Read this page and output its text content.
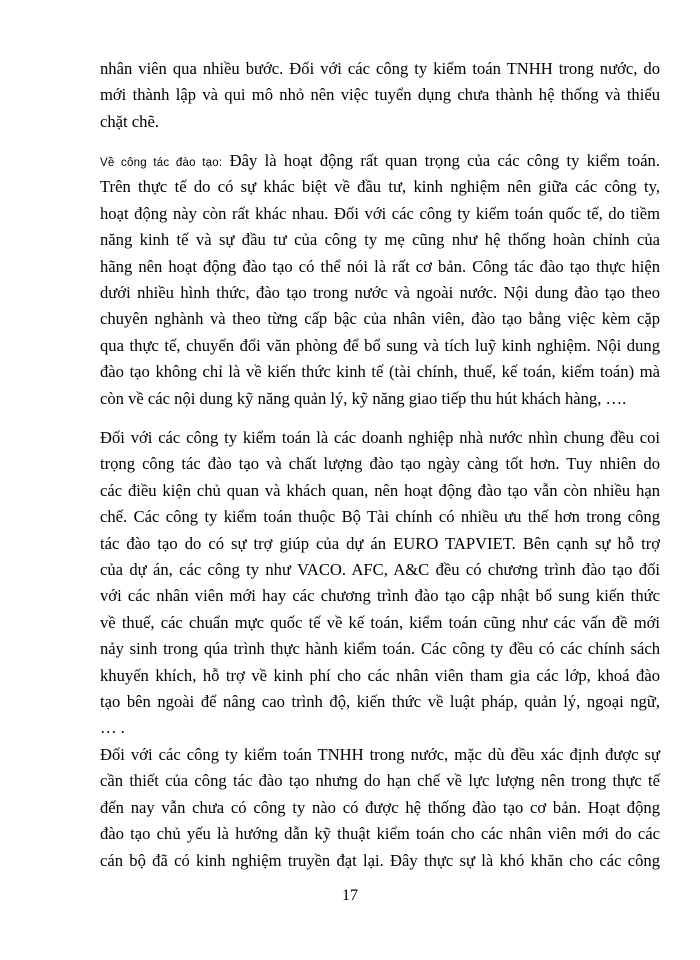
nhân viên qua nhiều bước. Đối với các công ty kiểm toán TNHH trong nước, do
mới thành lập và qui mô nhỏ nên việc tuyển dụng chưa thành hệ thống và thiếu
chặt chẽ.
Về công tác đào tạo: Đây là hoạt động rất quan trọng của các công ty kiểm toán.
Trên thực tế do có sự khác biệt về đầu tư, kinh nghiệm nên giữa các công ty,
hoạt động này còn rất khác nhau. Đối với các công ty kiểm toán quốc tế, do tiềm
năng kinh tế và sự đầu tư của công ty mẹ cũng như hệ thống hoàn chỉnh của
hãng nên hoạt động đào tạo có thể nói là rất cơ bản. Công tác đào tạo thực hiện
dưới nhiều hình thức, đào tạo trong nước và ngoài nước. Nội dung đào tạo theo
chuyên nghành và theo từng cấp bậc của nhân viên, đào tạo bằng việc kèm cặp
qua thực tế, chuyển đổi văn phòng để bổ sung và tích luỹ kinh nghiệm. Nội dung
đào tạo không chỉ là về kiến thức kinh tế (tài chính, thuế, kế toán, kiểm toán) mà
còn về các nội dung kỹ năng quản lý, kỹ năng giao tiếp thu hút khách hàng, ….
Đối với các công ty kiểm toán là các doanh nghiệp nhà nước nhìn chung đều coi
trọng công tác đào tạo và chất lượng đào tạo ngày càng tốt hơn. Tuy nhiên do
các điều kiện chủ quan và khách quan, nên hoạt động đào tạo vẫn còn nhiều hạn
chế. Các công ty kiểm toán thuộc Bộ Tài chính có nhiều ưu thế hơn trong công
tác đào tạo do có sự trợ giúp của dự án EURO TAPVIET. Bên cạnh sự hỗ trợ
của dự án, các công ty như VACO. AFC, A&C đều có chương trình đào tạo đối
với các nhân viên mới hay các chương trình đào tạo cập nhật bổ sung kiến thức
về thuế, các chuẩn mực quốc tế về kế toán, kiểm toán cũng như các vấn đề mới
nảy sinh trong qúa trình thực hành kiểm toán. Các công ty đều có các chính sách
khuyến khích, hỗ trợ về kinh phí cho các nhân viên tham gia các lớp, khoá đào
tạo bên ngoài để nâng cao trình độ, kiến thức về luật pháp, quản lý, ngoại ngữ,
… .
Đối với các công ty kiểm toán TNHH trong nước, mặc dù đều xác định được sự
cần thiết của công tác đào tạo nhưng do hạn chế về lực lượng nên trong thực tế
đến nay vẫn chưa có công ty nào có được hệ thống đào tạo cơ bản. Hoạt động
đào tạo chủ yếu là hướng dẫn kỹ thuật kiểm toán cho các nhân viên mới do các
cán bộ đã có kinh nghiệm truyền đạt lại. Đây thực sự là khó khăn cho các công
17
